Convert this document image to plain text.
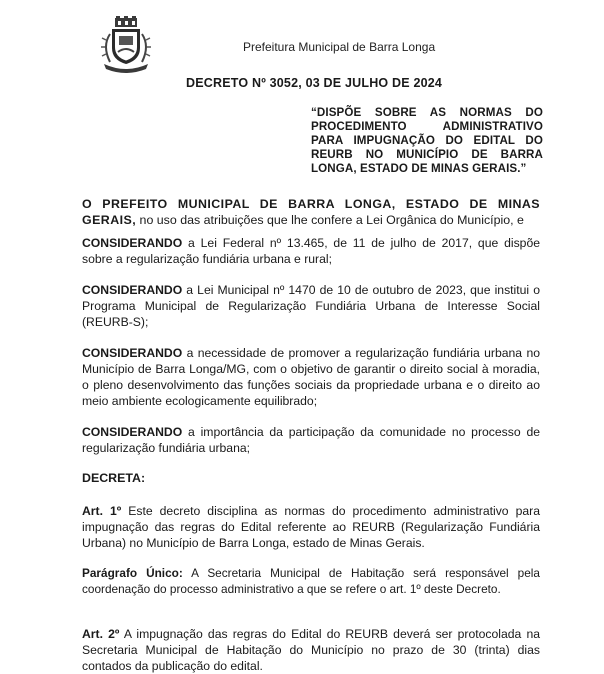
Prefeitura Municipal de Barra Longa
DECRETO Nº 3052, 03 DE JULHO DE 2024
“DISPÕE SOBRE AS NORMAS DO PROCEDIMENTO ADMINISTRATIVO PARA IMPUGNAÇÃO DO EDITAL DO REURB NO MUNICÍPIO DE BARRA LONGA, ESTADO DE MINAS GERAIS.”
O PREFEITO MUNICIPAL DE BARRA LONGA, ESTADO DE MINAS GERAIS, no uso das atribuições que lhe confere a Lei Orgânica do Município, e
CONSIDERANDO a Lei Federal nº 13.465, de 11 de julho de 2017, que dispõe sobre a regularização fundiária urbana e rural;
CONSIDERANDO a Lei Municipal nº 1470 de 10 de outubro de 2023, que institui o Programa Municipal de Regularização Fundiária Urbana de Interesse Social (REURB-S);
CONSIDERANDO a necessidade de promover a regularização fundiária urbana no Município de Barra Longa/MG, com o objetivo de garantir o direito social à moradia, o pleno desenvolvimento das funções sociais da propriedade urbana e o direito ao meio ambiente ecologicamente equilibrado;
CONSIDERANDO a importância da participação da comunidade no processo de regularização fundiária urbana;
DECRETA:
Art. 1º Este decreto disciplina as normas do procedimento administrativo para impugnação das regras do Edital referente ao REURB (Regularização Fundiária Urbana) no Município de Barra Longa, estado de Minas Gerais.
Parágrafo Único: A Secretaria Municipal de Habitação será responsável pela coordenação do processo administrativo a que se refere o art. 1º deste Decreto.
Art. 2º A impugnação das regras do Edital do REURB deverá ser protocolada na Secretaria Municipal de Habitação do Município no prazo de 30 (trinta) dias contados da publicação do edital.
